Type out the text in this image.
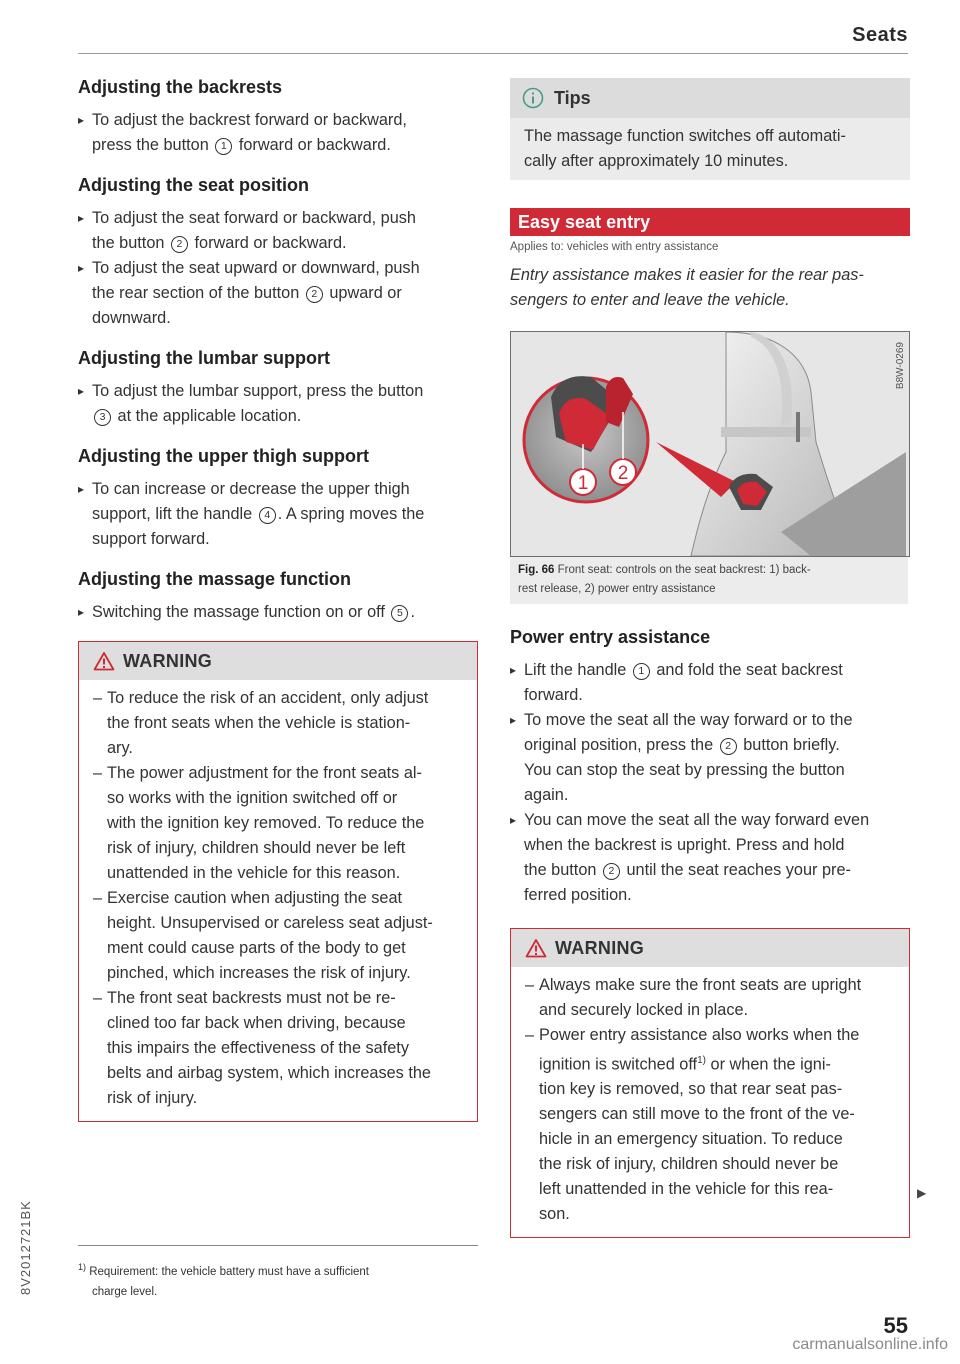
Seats
Adjusting the backrests
▸ To adjust the backrest forward or backward,
press the button 1 forward or backward.
Adjusting the seat position
▸ To adjust the seat forward or backward, push
the button 2 forward or backward.
▸ To adjust the seat upward or downward, push
the rear section of the button 2 upward or
downward.
Adjusting the lumbar support
▸ To adjust the lumbar support, press the button
3 at the applicable location.
Adjusting the upper thigh support
▸ To can increase or decrease the upper thigh
support, lift the handle 4 . A spring moves the
support forward.
Adjusting the massage function
▸ Switching the massage function on or off 5 .
WARNING
– To reduce the risk of an accident, only adjust
the front seats when the vehicle is station-
ary.
– The power adjustment for the front seats al-
so works with the ignition switched off or
with the ignition key removed. To reduce the
risk of injury, children should never be left
unattended in the vehicle for this reason.
– Exercise caution when adjusting the seat
height. Unsupervised or careless seat adjust-
ment could cause parts of the body to get
pinched, which increases the risk of injury.
– The front seat backrests must not be re-
clined too far back when driving, because
this impairs the effectiveness of the safety
belts and airbag system, which increases the
risk of injury.
Tips
The massage function switches off automati-
cally after approximately 10 minutes.
Easy seat entry
Applies to: vehicles with entry assistance
Entry assistance makes it easier for the rear pas-
sengers to enter and leave the vehicle.
1 2
B8W-0269
Fig. 66 Front seat: controls on the seat backrest: 1) back-
rest release, 2) power entry assistance
Power entry assistance
▸ Lift the handle 1 and fold the seat backrest
forward.
▸ To move the seat all the way forward or to the
original position, press the 2 button briefly.
You can stop the seat by pressing the button
again.
▸ You can move the seat all the way forward even
when the backrest is upright. Press and hold
the button 2 until the seat reaches your pre-
ferred position.
WARNING
– Always make sure the front seats are upright
and securely locked in place.
– Power entry assistance also works when the
ignition is switched off$^{1)}$ or when the igni-
tion key is removed, so that rear seat pas-
sengers can still move to the front of the ve-
hicle in an emergency situation. To reduce
the risk of injury, children should never be
left unattended in the vehicle for this rea-
son.
▶
$^{1)}$ Requirement: the vehicle battery must have a sufficient
charge level.
8V2012721BK
55
carmanualsonline.info
